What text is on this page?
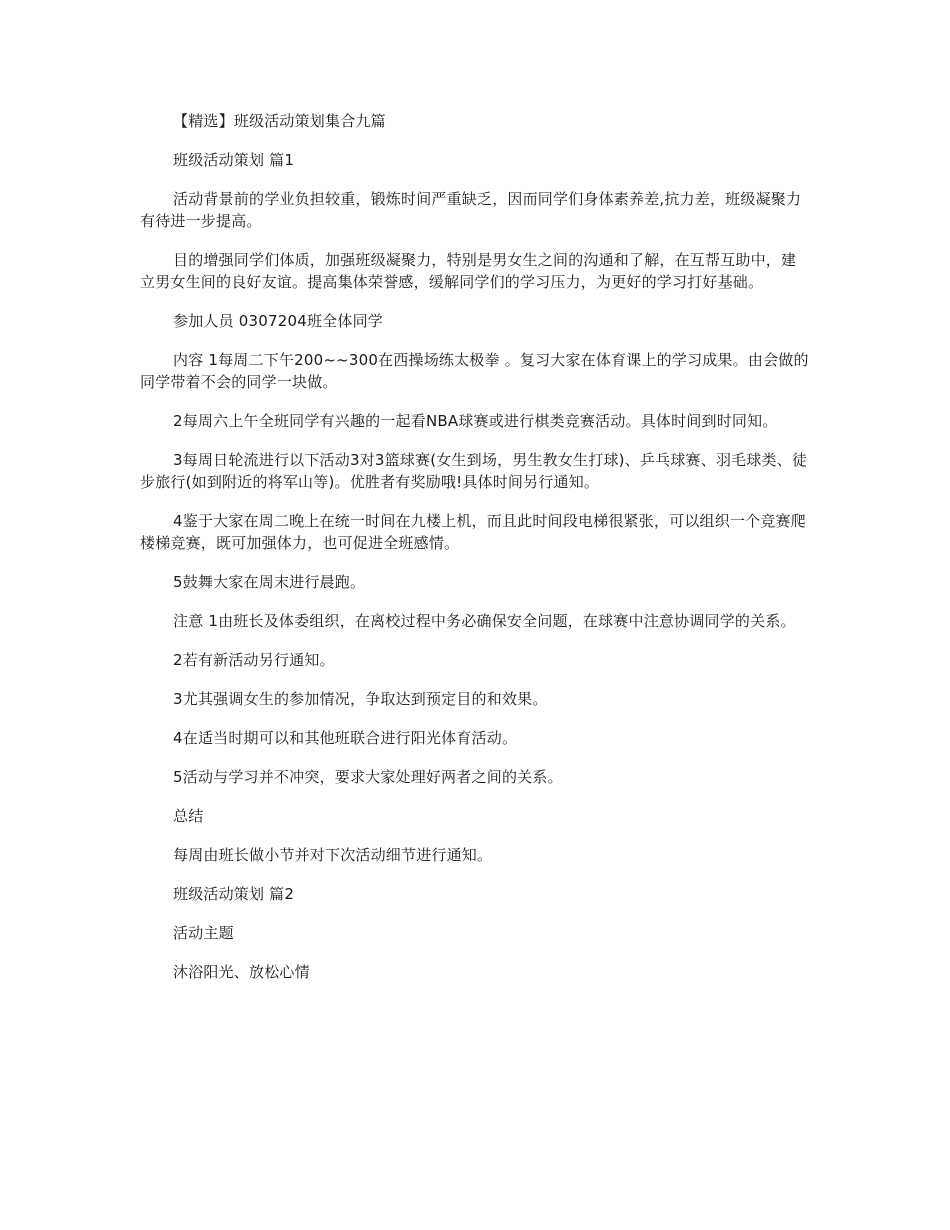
【精选】班级活动策划集合九篇

班级活动策划 篇1

活动背景前的学业负担较重，锻炼时间严重缺乏，因而同学们身体素养差,抗力差，班级凝聚力有待进一步提高。

目的增强同学们体质，加强班级凝聚力，特别是男女生之间的沟通和了解，在互帮互助中，建立男女生间的良好友谊。提高集体荣誉感，缓解同学们的学习压力，为更好的学习打好基础。

参加人员 0307204班全体同学

内容 1每周二下午200~~300在西操场练太极拳 。复习大家在体育课上的学习成果。由会做的同学带着不会的同学一块做。

2每周六上午全班同学有兴趣的一起看NBA球赛或进行棋类竞赛活动。具体时间到时同知。

3每周日轮流进行以下活动3对3篮球赛(女生到场，男生教女生打球)、乒乓球赛、羽毛球类、徒步旅行(如到附近的将军山等)。优胜者有奖励哦!具体时间另行通知。

4鉴于大家在周二晚上在统一时间在九楼上机，而且此时间段电梯很紧张，可以组织一个竞赛爬楼梯竞赛，既可加强体力，也可促进全班感情。

5鼓舞大家在周末进行晨跑。

注意 1由班长及体委组织，在离校过程中务必确保安全问题，在球赛中注意协调同学的关系。

2若有新活动另行通知。

3尤其强调女生的参加情况，争取达到预定目的和效果。

4在适当时期可以和其他班联合进行阳光体育活动。

5活动与学习并不冲突，要求大家处理好两者之间的关系。

总结

每周由班长做小节并对下次活动细节进行通知。

班级活动策划 篇2

活动主题

沐浴阳光、放松心情
